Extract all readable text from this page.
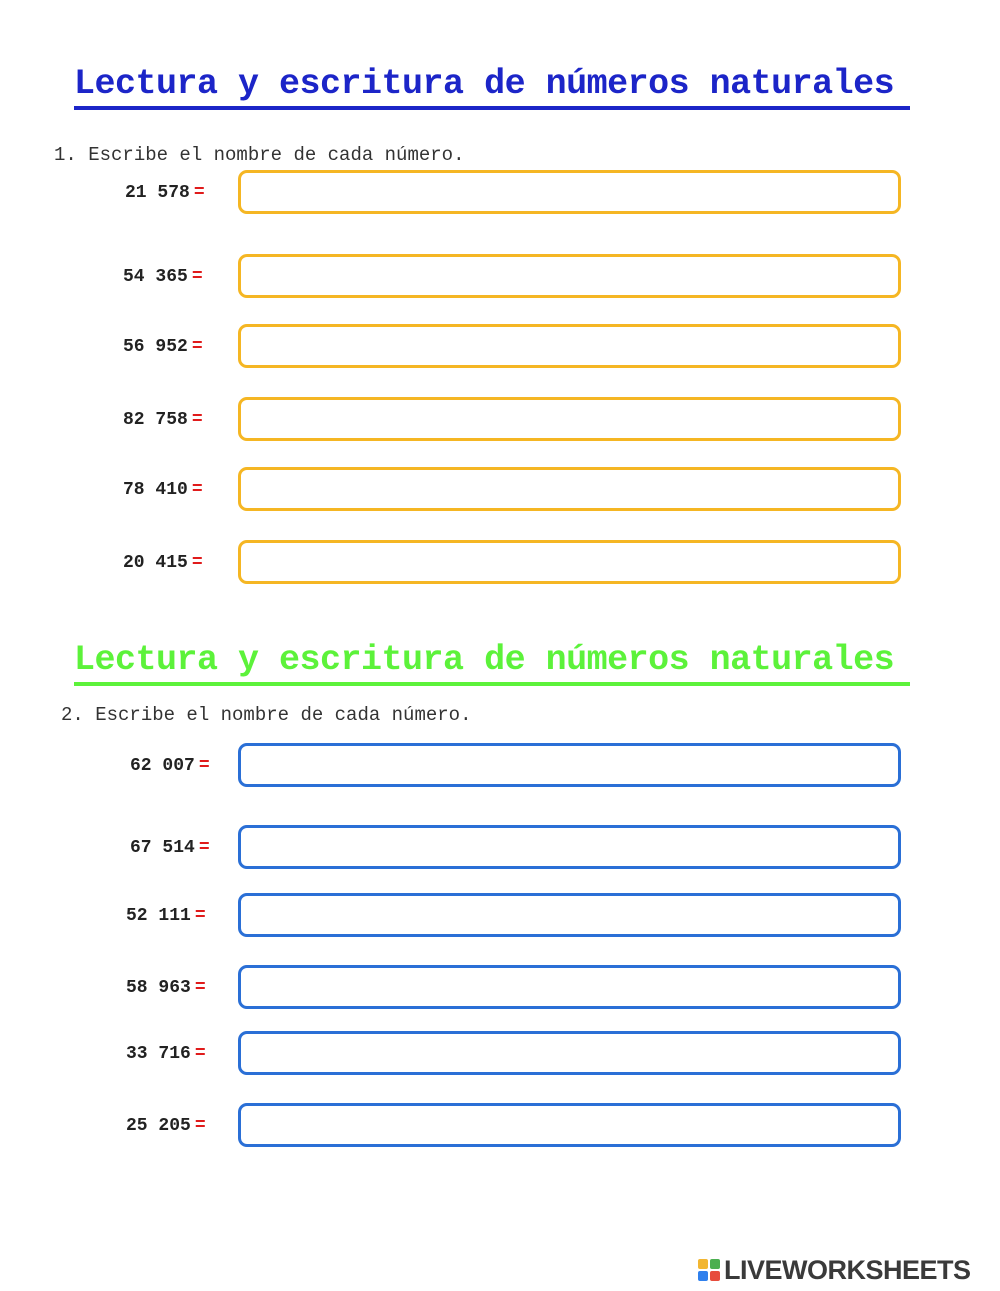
Lectura y escritura de números naturales
1. Escribe el nombre de cada número.
21 578 =
54 365 =
56 952 =
82 758 =
78 410 =
20 415 =
Lectura y escritura de números naturales
2. Escribe el nombre de cada número.
62 007 =
67 514 =
52 111 =
58 963 =
33 716 =
25 205 =
LIVEWORKSHEETS
